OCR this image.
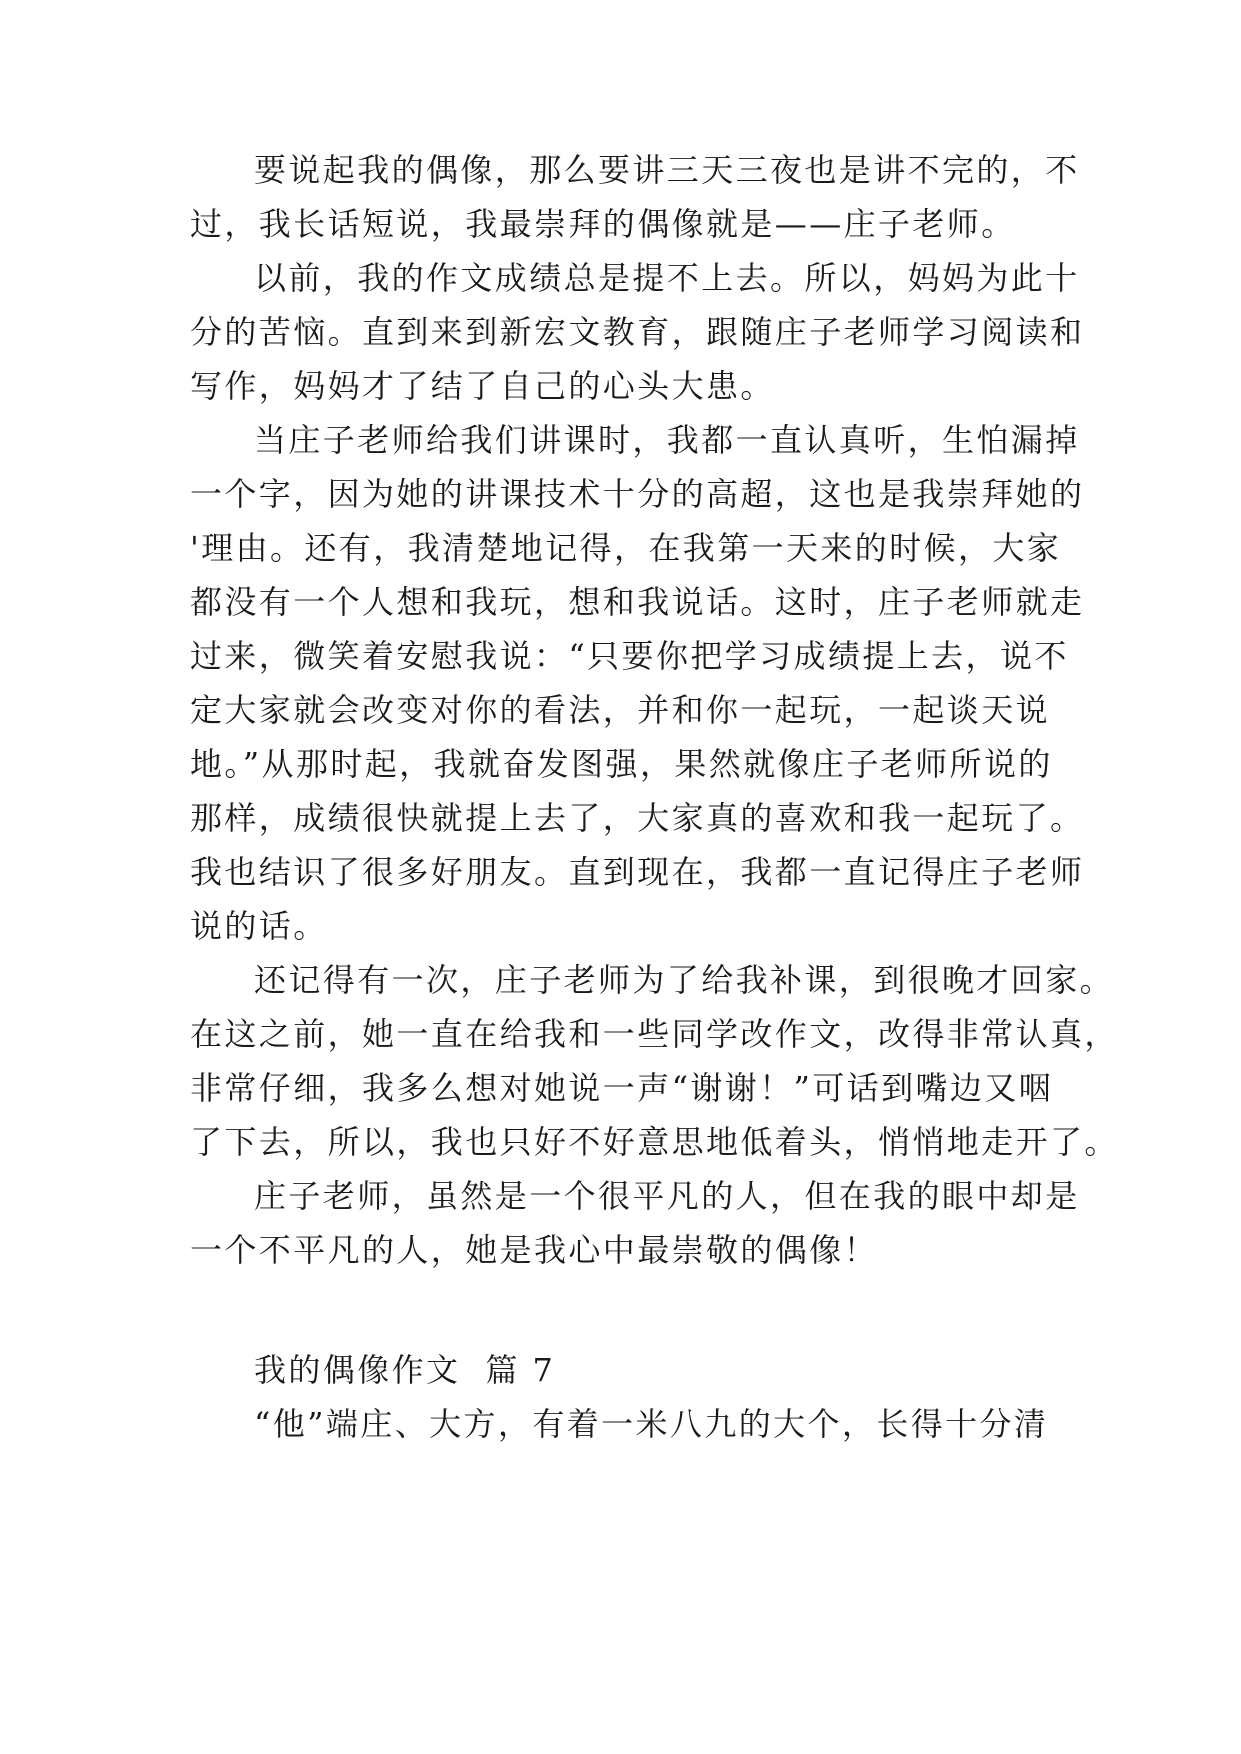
要说起我的偶像，那么要讲三天三夜也是讲不完的，不
过，我长话短说，我最崇拜的偶像就是——庄子老师。
以前，我的作文成绩总是提不上去。所以，妈妈为此十
分的苦恼。直到来到新宏文教育，跟随庄子老师学习阅读和
写作，妈妈才了结了自己的心头大患。
当庄子老师给我们讲课时，我都一直认真听，生怕漏掉
一个字，因为她的讲课技术十分的高超，这也是我崇拜她的
'理由。还有，我清楚地记得，在我第一天来的时候，大家
都没有一个人想和我玩，想和我说话。这时，庄子老师就走
过来，微笑着安慰我说：“只要你把学习成绩提上去，说不
定大家就会改变对你的看法，并和你一起玩，一起谈天说
地。”从那时起，我就奋发图强，果然就像庄子老师所说的
那样，成绩很快就提上去了，大家真的喜欢和我一起玩了。
我也结识了很多好朋友。直到现在，我都一直记得庄子老师
说的话。
还记得有一次，庄子老师为了给我补课，到很晚才回家。
在这之前，她一直在给我和一些同学改作文，改得非常认真，
非常仔细，我多么想对她说一声“谢谢！”可话到嘴边又咽
了下去，所以，我也只好不好意思地低着头，悄悄地走开了。
庄子老师，虽然是一个很平凡的人，但在我的眼中却是
一个不平凡的人，她是我心中最崇敬的偶像！
我的偶像作文  篇 7
“他”端庄、大方，有着一米八九的大个，长得十分清
